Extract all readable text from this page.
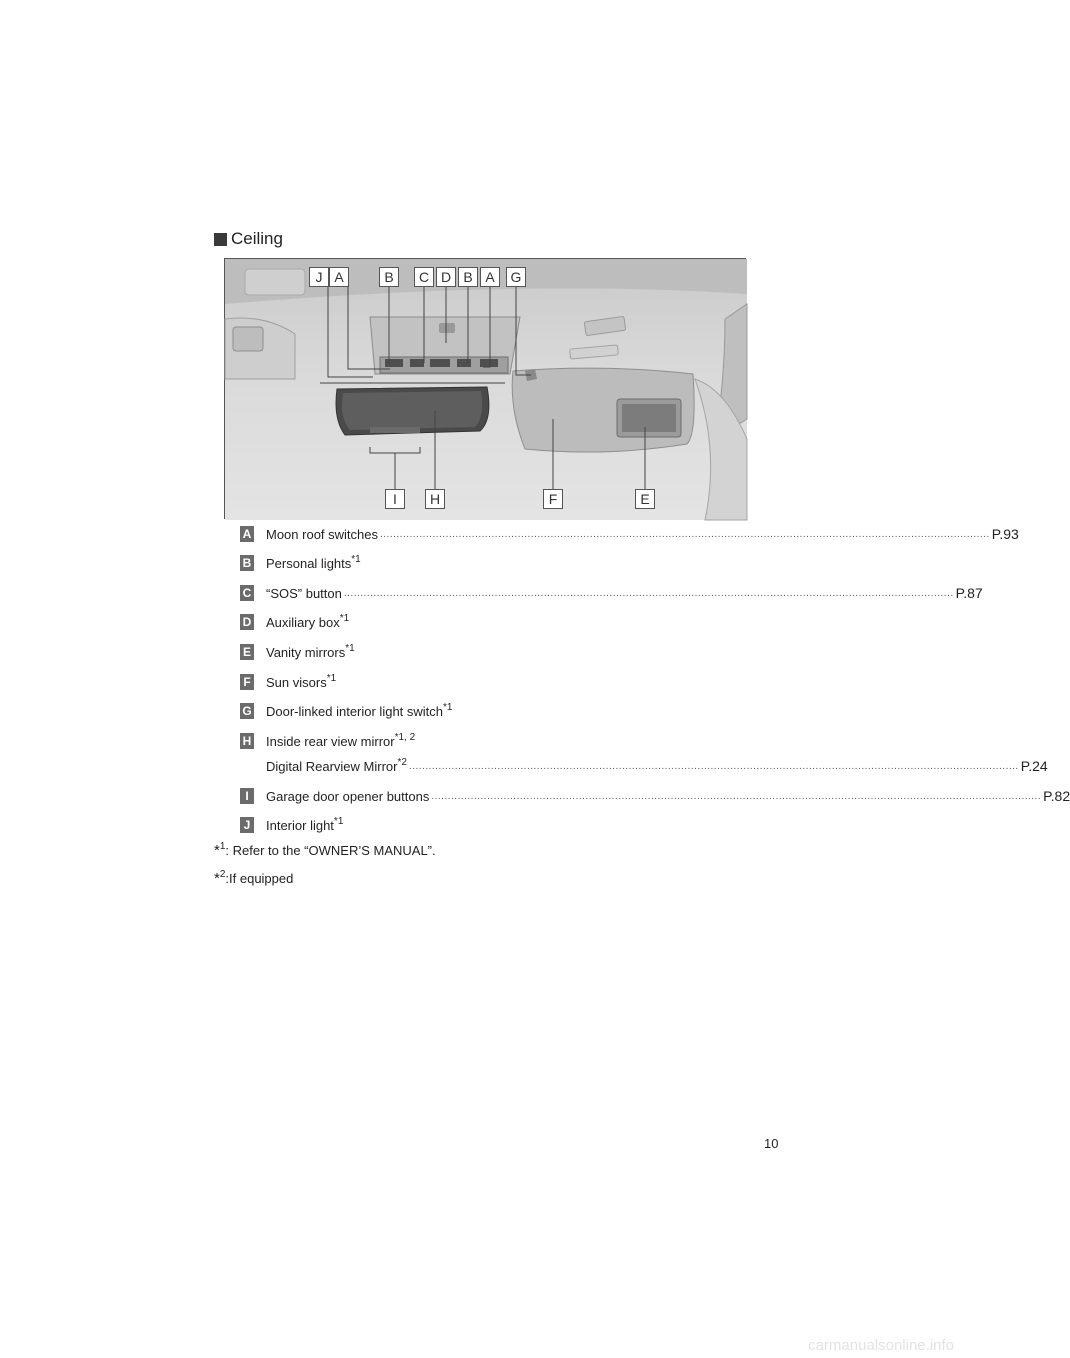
Ceiling
J A	B	C D B A	G
I	H	F	E
A Moon roof switches .......................................................................................................................................................................................... P.93
B Personal lights$^{*1}$
C “SOS” button .......................................................................................................................................................................................... P.87
D Auxiliary box$^{*1}$
E Vanity mirrors$^{*1}$
F Sun visors$^{*1}$
G Door-linked interior light switch$^{*1}$
H Inside rear view mirror$^{*1, 2}$
Digital Rearview Mirror$^{*2}$ .......................................................................................................................................................................................... P.24
I	Garage door opener buttons .......................................................................................................................................................................................... P.82
J Interior light$^{*1}$
*$^1$: Refer to the “OWNER’S MANUAL”.
*$^2$:If equipped
10
carmanualsonline.info
